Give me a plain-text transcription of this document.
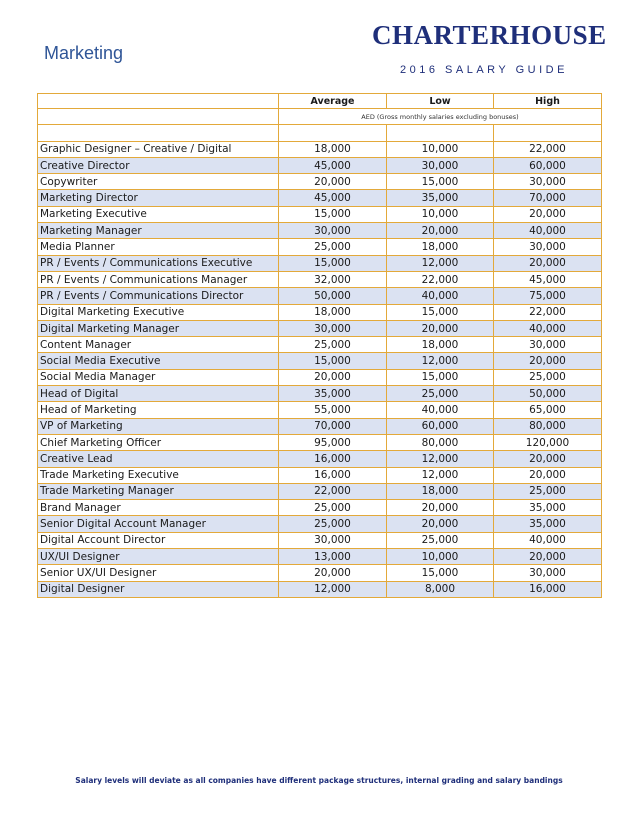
Marketing
CHARTERHOUSE
2016 SALARY GUIDE
	Average	Low	High
	AED (Gross monthly salaries excluding bonuses)		

Graphic Designer – Creative / Digital	18,000	10,000	22,000
Creative Director	45,000	30,000	60,000
Copywriter	20,000	15,000	30,000
Marketing Director	45,000	35,000	70,000
Marketing Executive	15,000	10,000	20,000
Marketing Manager	30,000	20,000	40,000
Media Planner	25,000	18,000	30,000
PR / Events / Communications Executive	15,000	12,000	20,000
PR / Events / Communications Manager	32,000	22,000	45,000
PR / Events / Communications Director	50,000	40,000	75,000
Digital Marketing Executive	18,000	15,000	22,000
Digital Marketing Manager	30,000	20,000	40,000
Content Manager	25,000	18,000	30,000
Social Media Executive	15,000	12,000	20,000
Social Media Manager	20,000	15,000	25,000
Head of Digital	35,000	25,000	50,000
Head of Marketing	55,000	40,000	65,000
VP of Marketing	70,000	60,000	80,000
Chief Marketing Officer	95,000	80,000	120,000
Creative Lead	16,000	12,000	20,000
Trade Marketing Executive	16,000	12,000	20,000
Trade Marketing Manager	22,000	18,000	25,000
Brand Manager	25,000	20,000	35,000
Senior Digital Account Manager	25,000	20,000	35,000
Digital Account Director	30,000	25,000	40,000
UX/UI Designer	13,000	10,000	20,000
Senior UX/UI Designer	20,000	15,000	30,000
Digital Designer	12,000	8,000	16,000
Salary levels will deviate as all companies have different package structures, internal grading and salary bandings
